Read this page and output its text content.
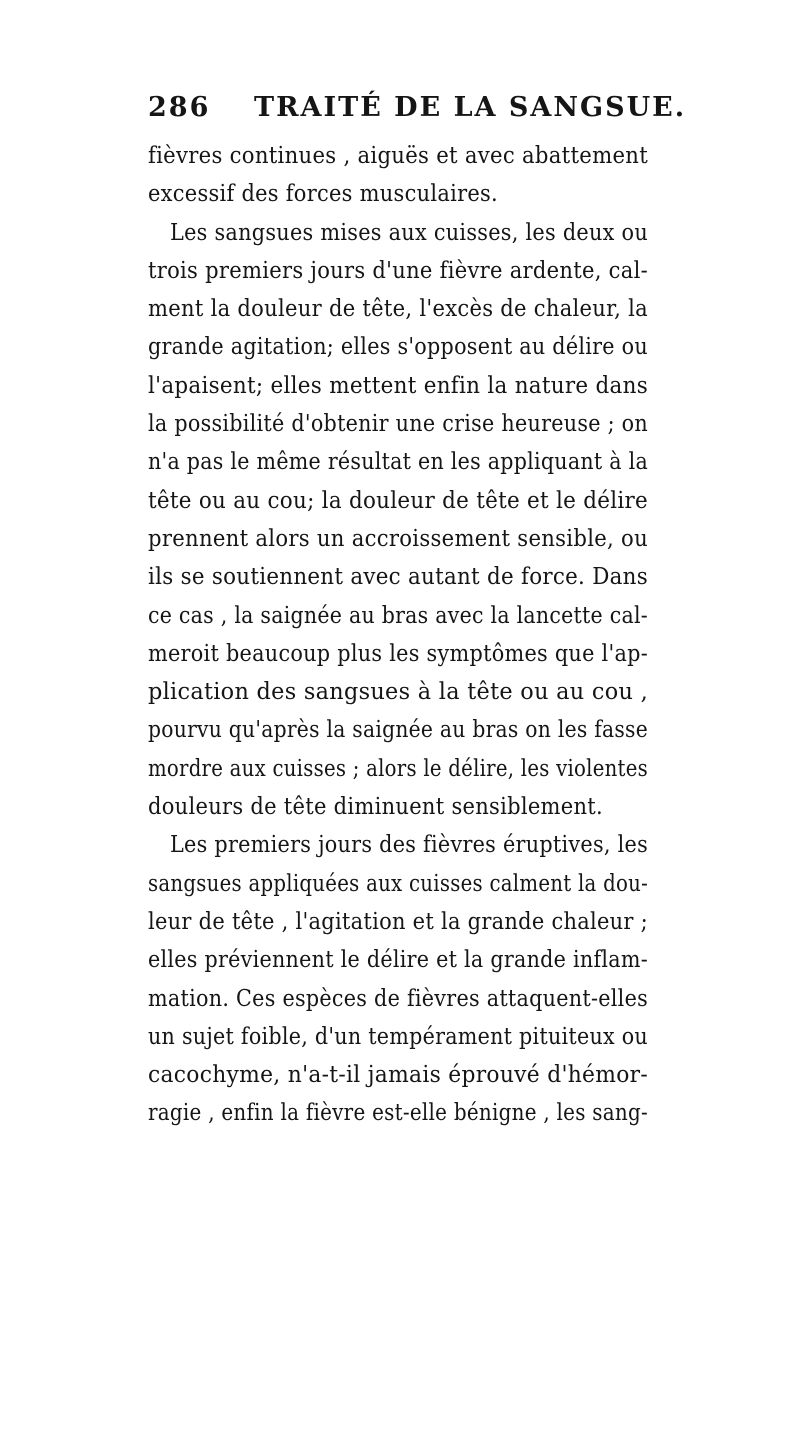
286 TRAITÉ DE LA SANGSUE.
fièvres continues , aiguës et avec abattement
excessif des forces musculaires.
Les sangsues mises aux cuisses, les deux ou
trois premiers jours d'une fièvre ardente, cal-
ment la douleur de tête, l'excès de chaleur, la
grande agitation; elles s'opposent au délire ou
l'apaisent; elles mettent enfin la nature dans
la possibilité d'obtenir une crise heureuse ; on
n'a pas le même résultat en les appliquant à la
tête ou au cou; la douleur de tête et le délire
prennent alors un accroissement sensible, ou
ils se soutiennent avec autant de force. Dans
ce cas , la saignée au bras avec la lancette cal-
meroit beaucoup plus les symptômes que l'ap-
plication des sangsues à la tête ou au cou ,
pourvu qu'après la saignée au bras on les fasse
mordre aux cuisses ; alors le délire, les violentes
douleurs de tête diminuent sensiblement.
Les premiers jours des fièvres éruptives, les
sangsues appliquées aux cuisses calment la dou-
leur de tête , l'agitation et la grande chaleur ;
elles préviennent le délire et la grande inflam-
mation. Ces espèces de fièvres attaquent-elles
un sujet foible, d'un tempérament pituiteux ou
cacochyme, n'a-t-il jamais éprouvé d'hémor-
ragie , enfin la fièvre est-elle bénigne , les sang-
